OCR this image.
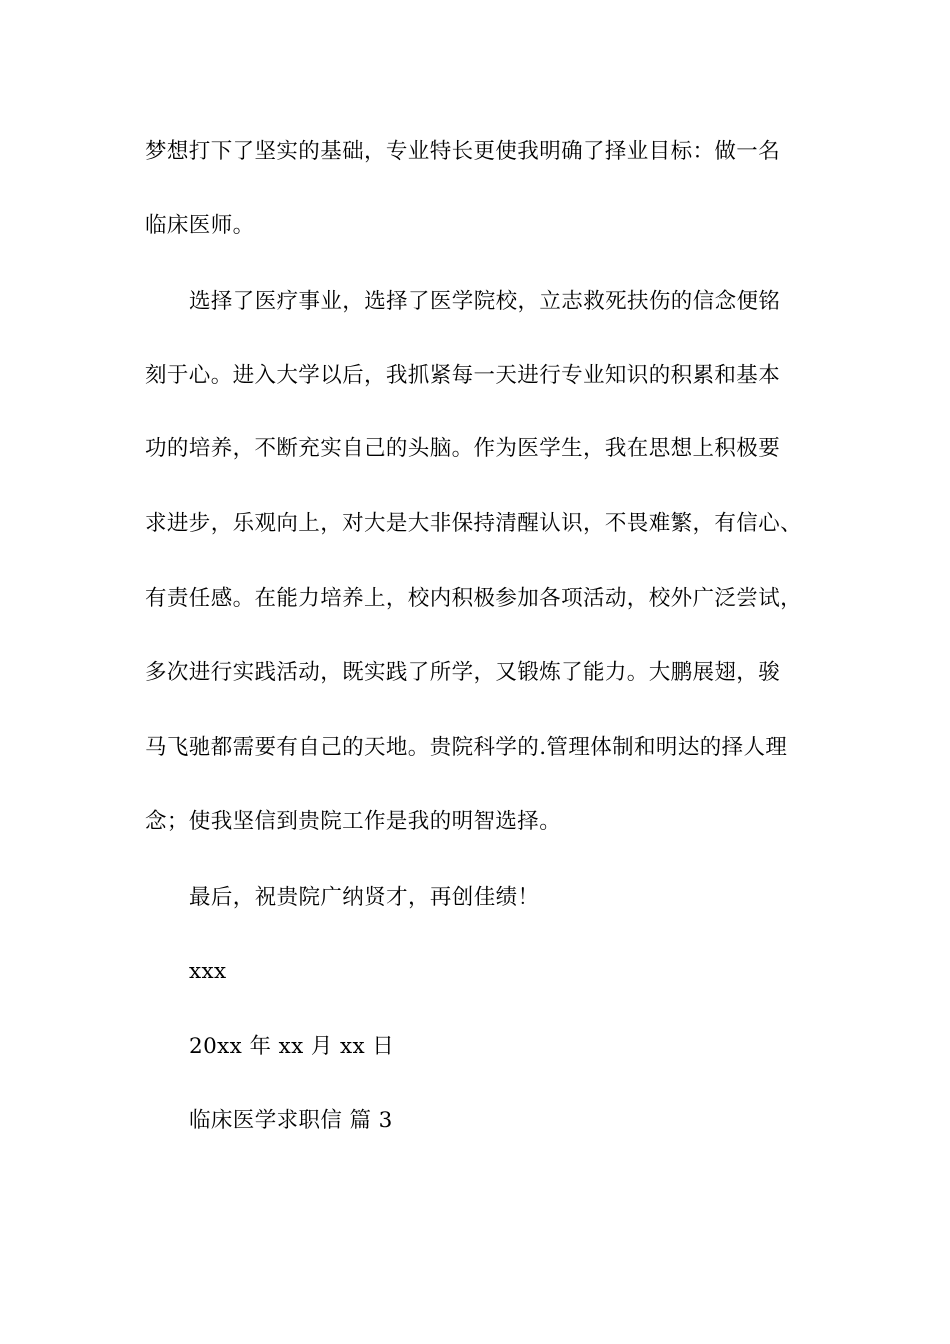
梦想打下了坚实的基础，专业特长更使我明确了择业目标：做一名
临床医师。
选择了医疗事业，选择了医学院校，立志救死扶伤的信念便铭
刻于心。进入大学以后，我抓紧每一天进行专业知识的积累和基本
功的培养，不断充实自己的头脑。作为医学生，我在思想上积极要
求进步，乐观向上，对大是大非保持清醒认识，不畏难繁，有信心、
有责任感。在能力培养上，校内积极参加各项活动，校外广泛尝试，
多次进行实践活动，既实践了所学，又锻炼了能力。大鹏展翅，骏
马飞驰都需要有自己的天地。贵院科学的.管理体制和明达的择人理
念；使我坚信到贵院工作是我的明智选择。
最后，祝贵院广纳贤才，再创佳绩！
xxx
20xx 年 xx 月 xx 日
临床医学求职信 篇 3
